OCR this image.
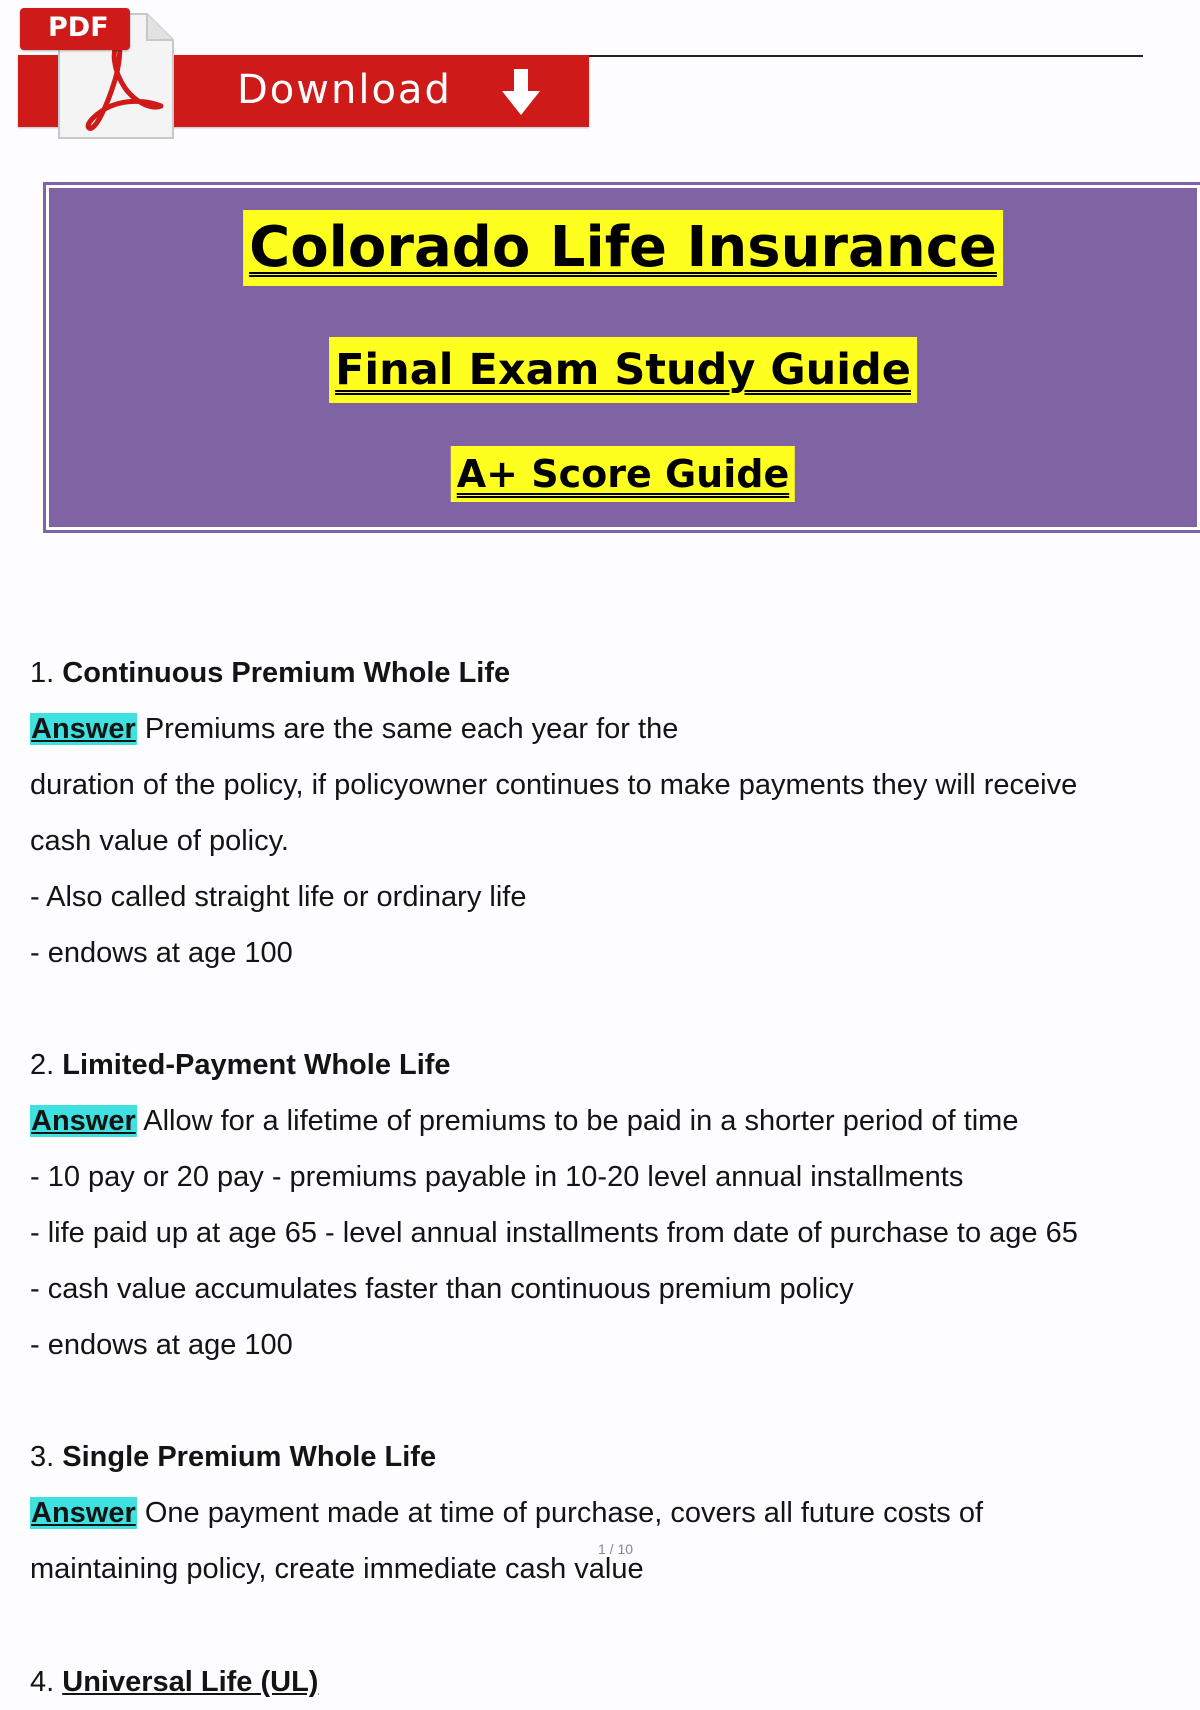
PDF
Download
Colorado Life Insurance
Final Exam Study Guide
A+ Score Guide
1. Continuous Premium Whole Life
Answer Premiums are the same each year for the
duration of the policy, if policyowner continues to make payments they will receive
cash value of policy.
- Also called straight life or ordinary life
- endows at age 100
2. Limited-Payment Whole Life
Answer Allow for a lifetime of premiums to be paid in a shorter period of time
- 10 pay or 20 pay - premiums payable in 10-20 level annual installments
- life paid up at age 65 - level annual installments from date of purchase to age 65
- cash value accumulates faster than continuous premium policy
- endows at age 100
3. Single Premium Whole Life
Answer One payment made at time of purchase, covers all future costs of
maintaining policy, create immediate cash value
1 / 10
4. Universal Life (UL)
